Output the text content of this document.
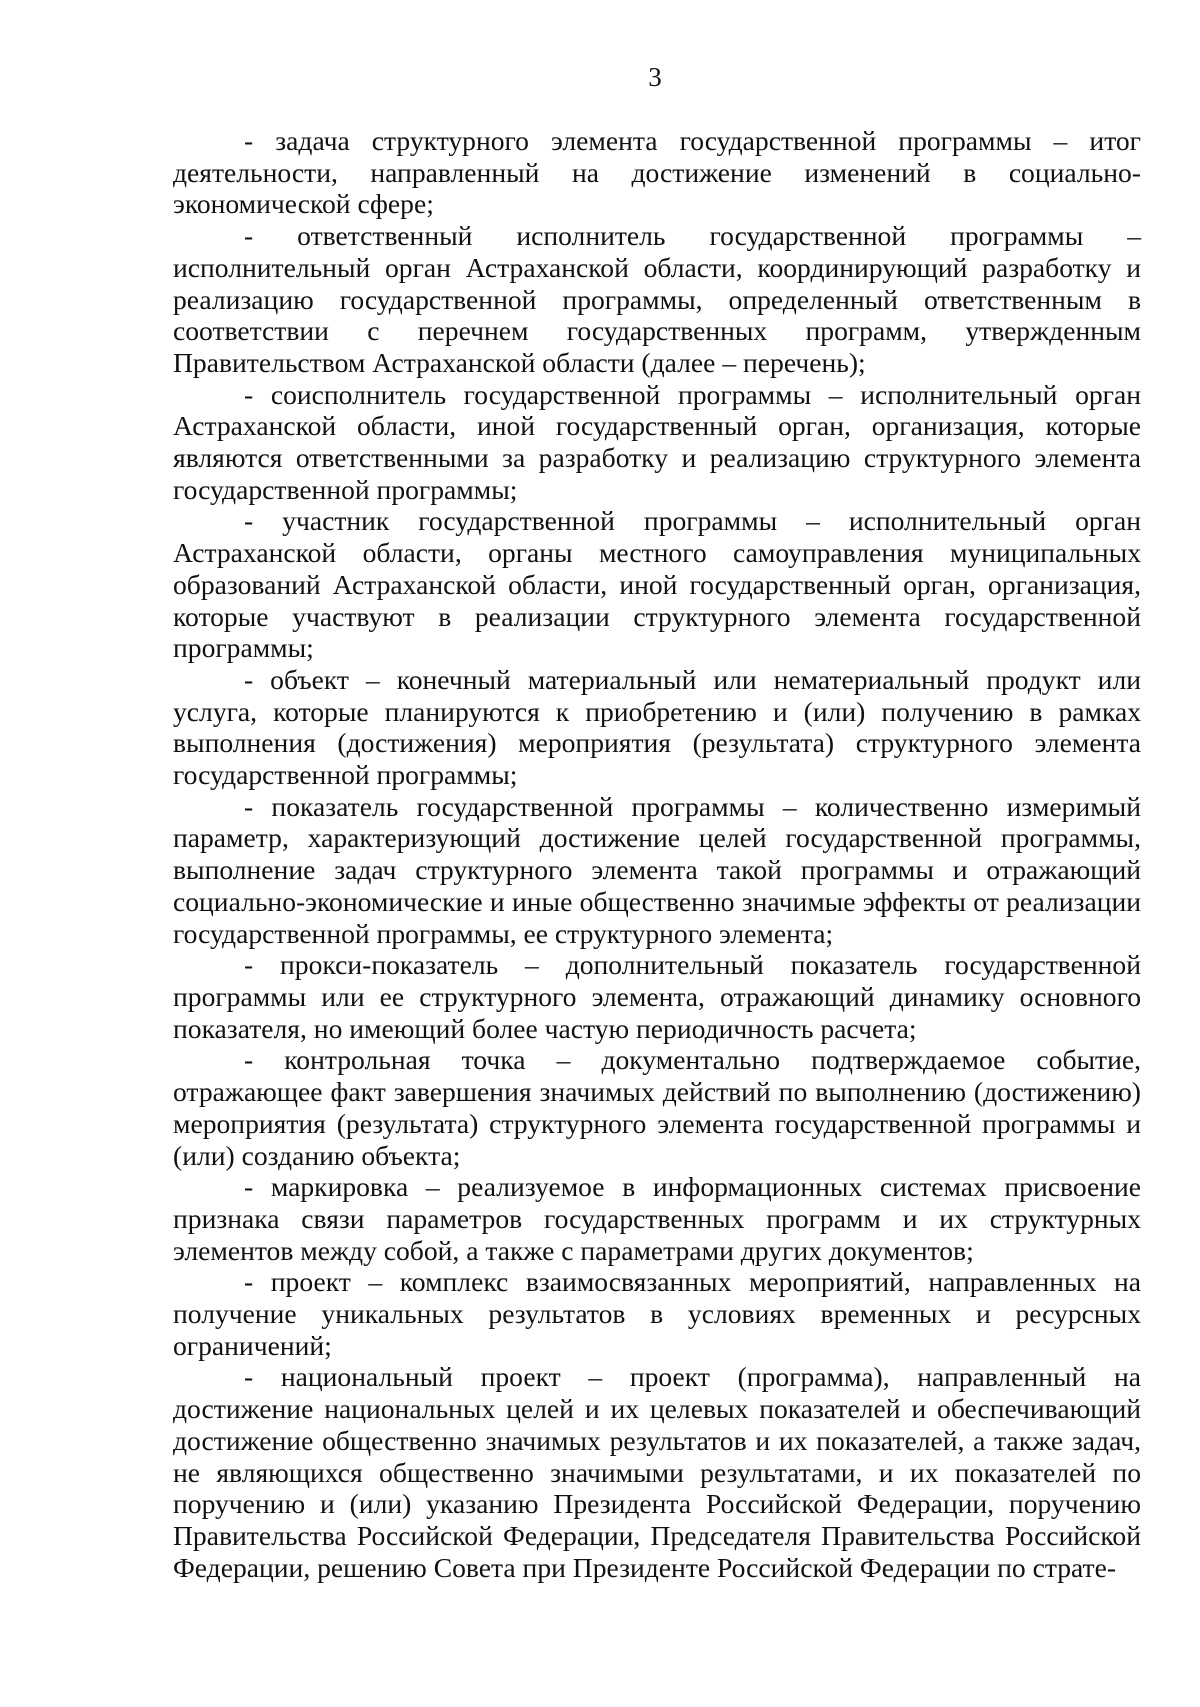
3

- задача структурного элемента государственной программы – итог деятельности, направленный на достижение изменений в социально-экономической сфере;

- ответственный исполнитель государственной программы – исполнительный орган Астраханской области, координирующий разработку и реализацию государственной программы, определенный ответственным в соответствии с перечнем государственных программ, утвержденным Правительством Астраханской области (далее – перечень);

- соисполнитель государственной программы – исполнительный орган Астраханской области, иной государственный орган, организация, которые являются ответственными за разработку и реализацию структурного элемента государственной программы;

- участник государственной программы – исполнительный орган Астраханской области, органы местного самоуправления муниципальных образований Астраханской области, иной государственный орган, организация, которые участвуют в реализации структурного элемента государственной программы;

- объект – конечный материальный или нематериальный продукт или услуга, которые планируются к приобретению и (или) получению в рамках выполнения (достижения) мероприятия (результата) структурного элемента государственной программы;

- показатель государственной программы – количественно измеримый параметр, характеризующий достижение целей государственной программы, выполнение задач структурного элемента такой программы и отражающий социально-экономические и иные общественно значимые эффекты от реализации государственной программы, ее структурного элемента;

- прокси-показатель – дополнительный показатель государственной программы или ее структурного элемента, отражающий динамику основного показателя, но имеющий более частую периодичность расчета;

- контрольная точка – документально подтверждаемое событие, отражающее факт завершения значимых действий по выполнению (достижению) мероприятия (результата) структурного элемента государственной программы и (или) созданию объекта;

- маркировка – реализуемое в информационных системах присвоение признака связи параметров государственных программ и их структурных элементов между собой, а также с параметрами других документов;

- проект – комплекс взаимосвязанных мероприятий, направленных на получение уникальных результатов в условиях временных и ресурсных ограничений;

- национальный проект – проект (программа), направленный на достижение национальных целей и их целевых показателей и обеспечивающий достижение общественно значимых результатов и их показателей, а также задач, не являющихся общественно значимыми результатами, и их показателей по поручению и (или) указанию Президента Российской Федерации, поручению Правительства Российской Федерации, Председателя Правительства Российской Федерации, решению Совета при Президенте Российской Федерации по страте-
